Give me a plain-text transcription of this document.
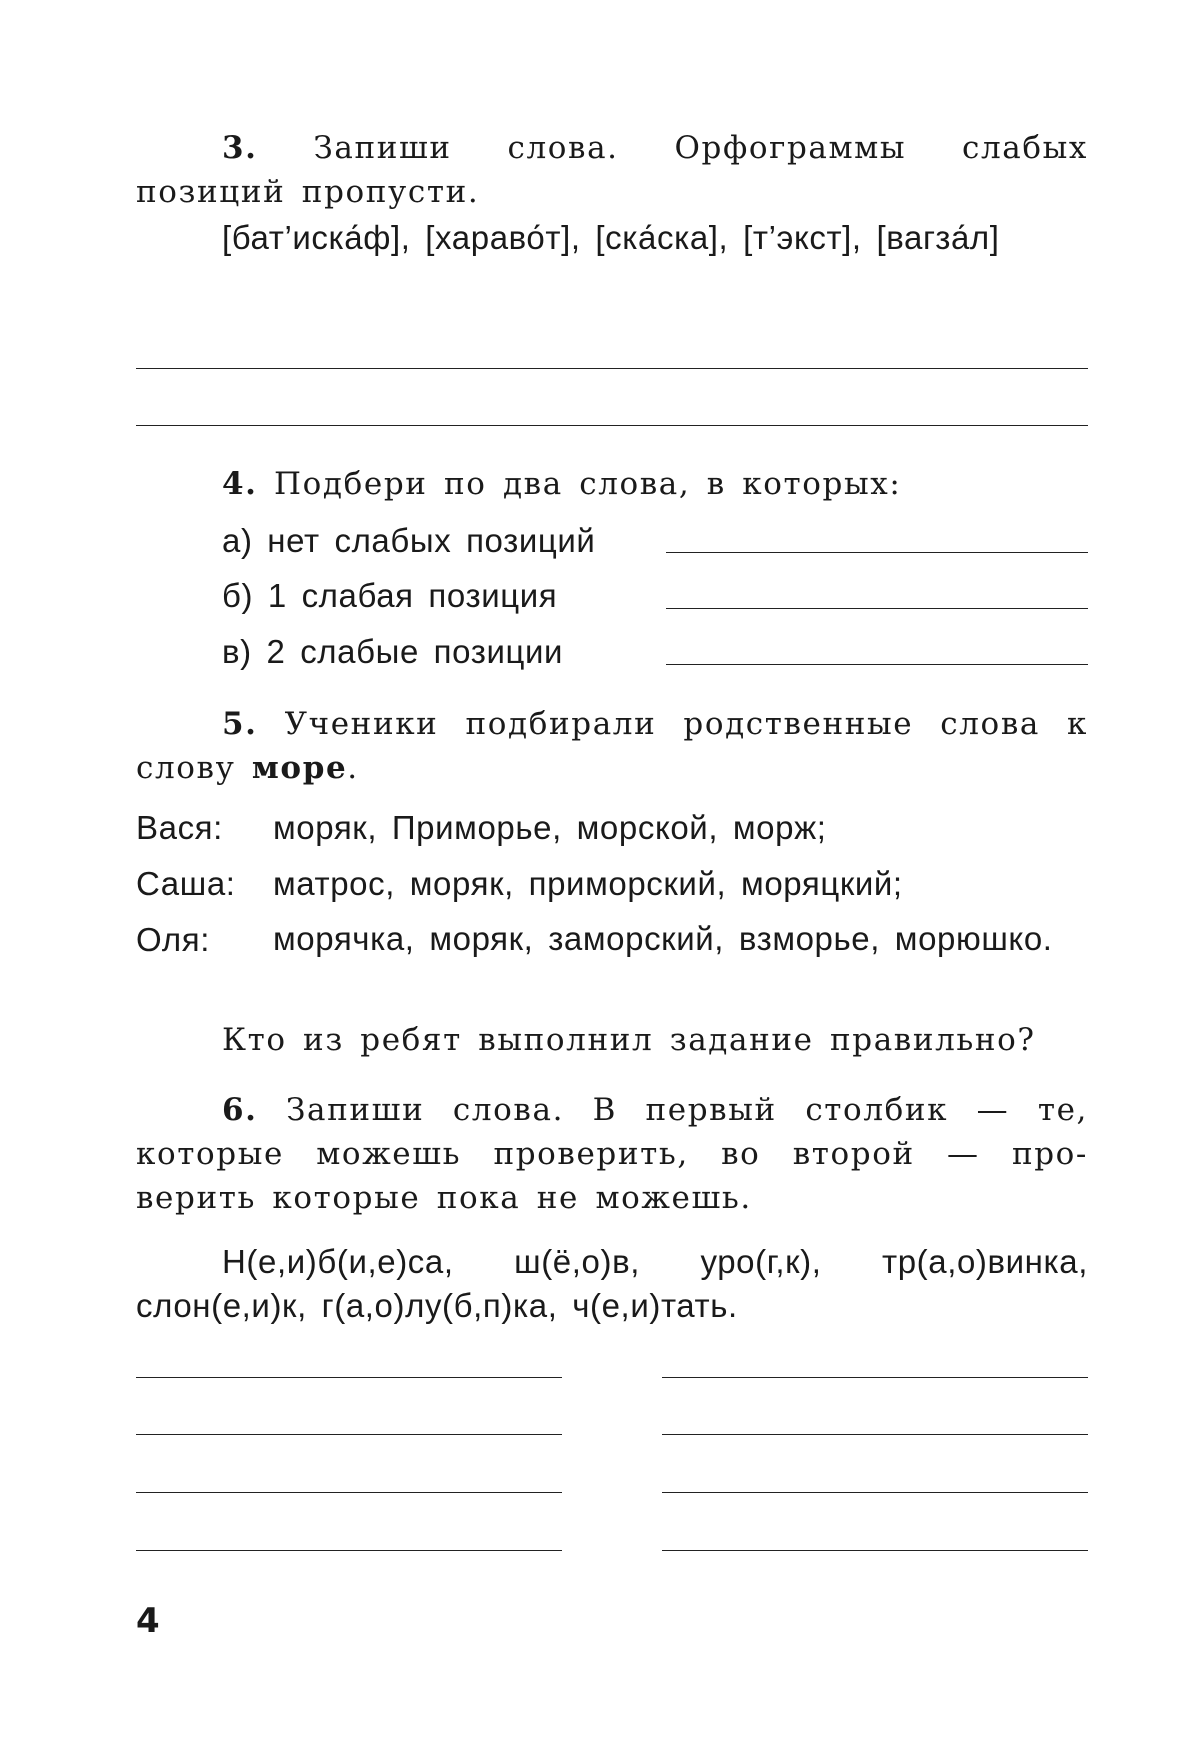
3. Запиши слова. Орфограммы слабых позиций пропусти.
[бат’иска́ф], [харaво́т], [ска́ска], [т’экст], [вагза́л]
4. Подбери по два слова, в которых:
а) нет слабых позиций
б) 1 слабая позиция
в) 2 слабые позиции
5. Ученики подбирали родственные слова к слову море.
Вася: моряк, Приморье, морской, морж;
Саша: матрос, моряк, приморский, моряцкий;
Оля: морячка, моряк, заморский, взморье, морюшко.
Кто из ребят выполнил задание правильно?
6. Запиши слова. В первый столбик — те, которые можешь проверить, во второй — про-верить которые пока не можешь.
Н(е,и)б(и,е)са, ш(ё,о)в, уро(г,к), тр(а,о)винка, слон(е,и)к, г(а,о)лу(б,п)ка, ч(е,и)тать.
4
